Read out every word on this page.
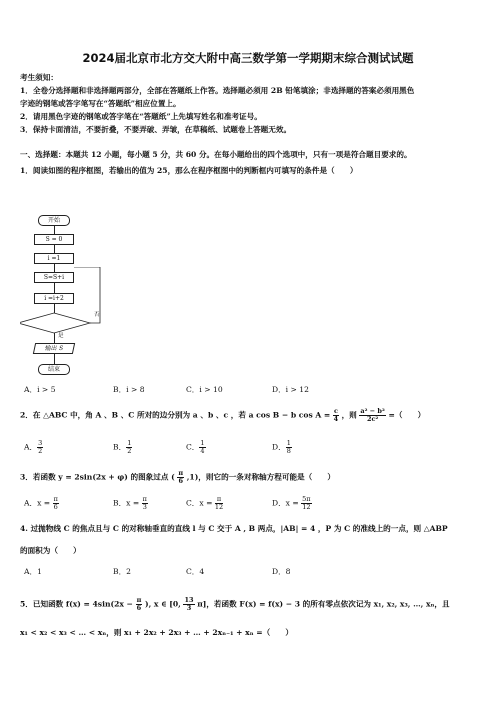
2024届北京市北方交大附中高三数学第一学期期末综合测试试题
考生须知：
1．全卷分选择题和非选择题两部分，全部在答题纸上作答。选择题必须用 2B 铅笔填涂；非选择题的答案必须用黑色
字迹的钢笔或答字笔写在“答题纸”相应位置上。
2．请用黑色字迹的钢笔或答字笔在“答题纸”上先填写姓名和准考证号。
3．保持卡面清洁，不要折叠，不要弄破、弄皱，在草稿纸、试题卷上答题无效。
一、选择题：本题共 12 小题，每小题 5 分，共 60 分。在每小题给出的四个选项中，只有一项是符合题目要求的。
1．阅读如图的程序框图，若输出的值为 25，那么在程序框图中的判断框内可填写的条件是（　　）
开始
S = 0
i =1
S=S+i
i =i+2
否
是
输出 S
结束
A．i > 5	B．i > 8	C．i > 10	D．i > 12
2．在 △ABC 中，角 A 、B 、C 所对的边分别为 a 、b 、c ，若 a cos B − b $\cos A = \frac{c}{4}$ ，则 $\frac{\text{a² − b²}}{\text{2c²}}$ =（　　）
A． $\frac{3}{2}$	B． $\frac{1}{2}$	C． $\frac{1}{4}$	D． $\frac{1}{8}$
3．若函数 y = 2sin(2x + φ) 的图象过点 ( $\frac{\pi}{6} ,1$)，则它的一条对称轴方程可能是（　　）
A．$x = \frac{\pi}{6}$	B．$x = \frac{\pi}{3}$	C．$x = \frac{\pi}{12}$	D．$x = \frac{5\pi}{12}$
4. 过抛物线 C 的焦点且与 C 的对称轴垂直的直线 l 与 C 交于 A , B 两点，|AB| = 4 ，P 为 C 的准线上的一点，则 △ABP
的面积为（　　）
A．1	B．2	C．4	D．8
5．已知函数 $f(x) = 4\sin(2x - \frac{\pi}{6}$ ), x ∈ [0, $\frac{13}{3} \pi$]，若函数 F(x) = f(x) − 3 的所有零点依次记为 x₁, x₂, x₃, …, xₙ，且
x₁ < x₂ < x₃ < … < xₙ，则 x₁ + 2x₂ + 2x₃ + … + 2xₙ₋₁ + xₙ =（　　）
